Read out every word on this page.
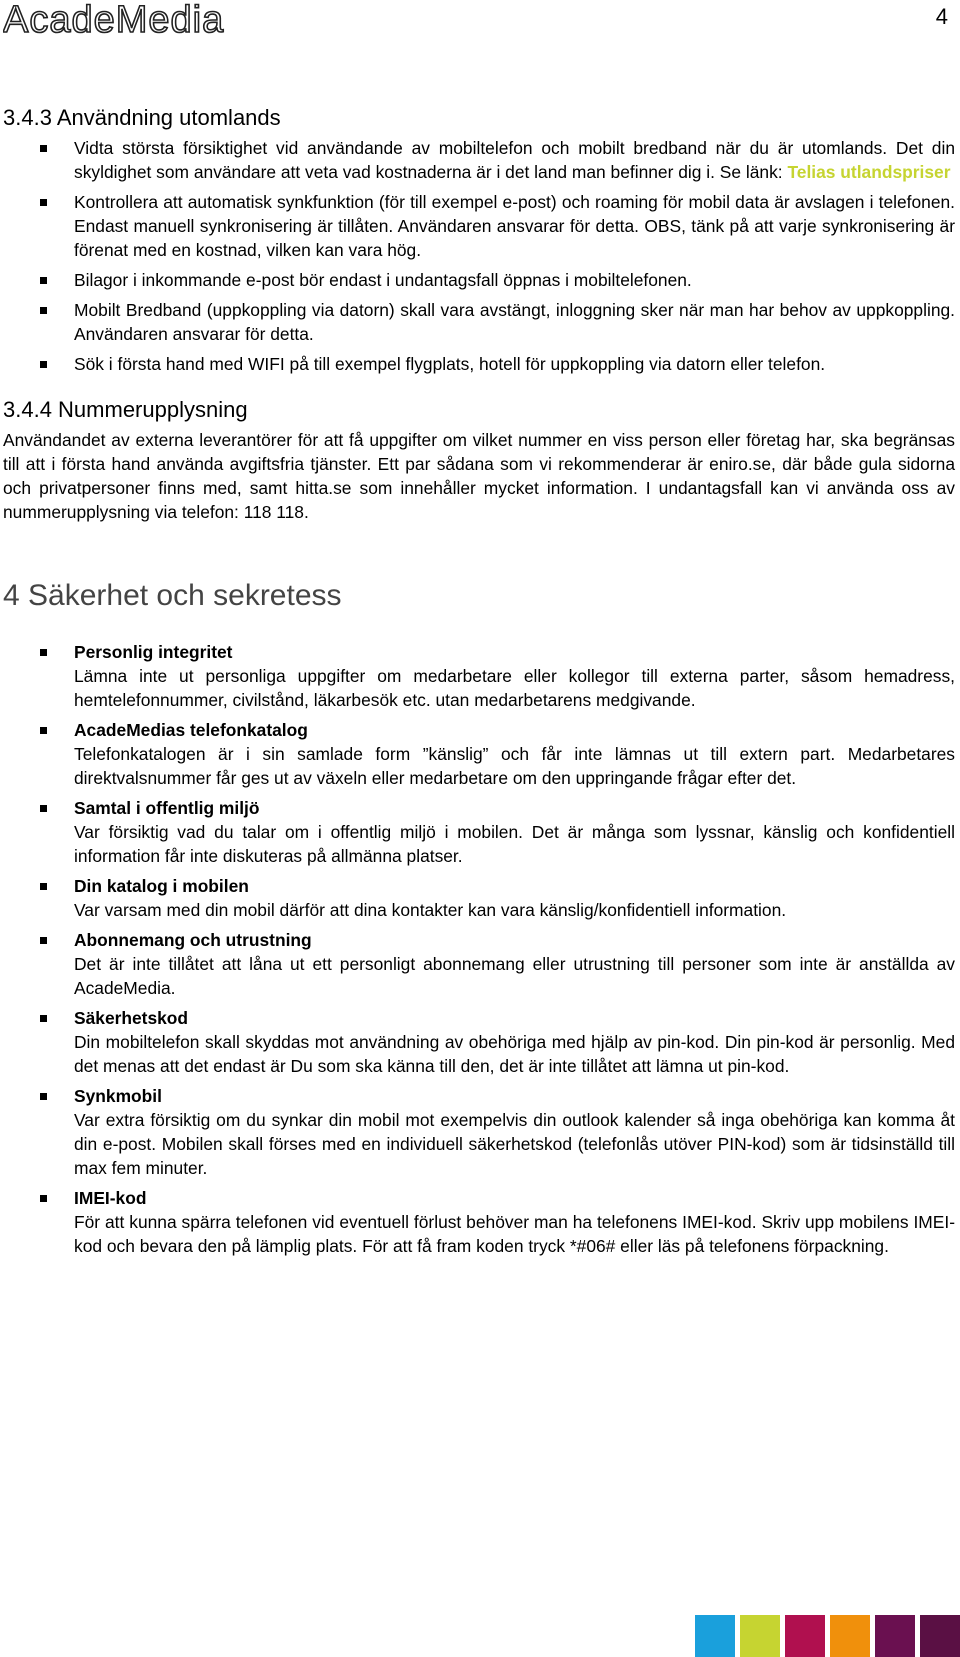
AcadeMedia	4
3.4.3 Användning utomlands
Vidta största försiktighet vid användande av mobiltelefon och mobilt bredband när du är utomlands. Det din skyldighet som användare att veta vad kostnaderna är i det land man befinner dig i. Se länk: Telias utlandspriser
Kontrollera att automatisk synkfunktion (för till exempel e-post) och roaming för mobil data är avslagen i telefonen. Endast manuell synkronisering är tillåten. Användaren ansvarar för detta. OBS, tänk på att varje synkronisering är förenat med en kostnad, vilken kan vara hög.
Bilagor i inkommande e-post bör endast i undantagsfall öppnas i mobiltelefonen.
Mobilt Bredband (uppkoppling via datorn) skall vara avstängt, inloggning sker när man har behov av uppkoppling. Användaren ansvarar för detta.
Sök i första hand med WIFI på till exempel flygplats, hotell för uppkoppling via datorn eller telefon.
3.4.4 Nummerupplysning

Användandet av externa leverantörer för att få uppgifter om vilket nummer en viss person eller företag har, ska begränsas till att i första hand använda avgiftsfria tjänster. Ett par sådana som vi rekommenderar är eniro.se, där både gula sidorna och privatpersoner finns med, samt hitta.se som innehåller mycket information. I undantagsfall kan vi använda oss av nummerupplysning via telefon: 118 118.

4 Säkerhet och sekretess
Personlig integritet
Lämna inte ut personliga uppgifter om medarbetare eller kollegor till externa parter, såsom hemadress, hemtelefonnummer, civilstånd, läkarbesök etc. utan medarbetarens medgivande.
AcadeMedias telefonkatalog
Telefonkatalogen är i sin samlade form ”känslig” och får inte lämnas ut till extern part. Medarbetares direktvalsnummer får ges ut av växeln eller medarbetare om den uppringande frågar efter det.
Samtal i offentlig miljö
Var försiktig vad du talar om i offentlig miljö i mobilen. Det är många som lyssnar, känslig och konfidentiell information får inte diskuteras på allmänna platser.
Din katalog i mobilen
Var varsam med din mobil därför att dina kontakter kan vara känslig/konfidentiell information.
Abonnemang och utrustning
Det är inte tillåtet att låna ut ett personligt abonnemang eller utrustning till personer som inte är anställda av AcadeMedia.
Säkerhetskod
Din mobiltelefon skall skyddas mot användning av obehöriga med hjälp av pin-kod. Din pin-kod är personlig. Med det menas att det endast är Du som ska känna till den, det är inte tillåtet att lämna ut pin-kod.
Synkmobil
Var extra försiktig om du synkar din mobil mot exempelvis din outlook kalender så inga obehöriga kan komma åt din e-post. Mobilen skall förses med en individuell säkerhetskod (telefonlås utöver PIN-kod) som är tidsinställd till max fem minuter.
IMEI-kod
För att kunna spärra telefonen vid eventuell förlust behöver man ha telefonens IMEI-kod. Skriv upp mobilens IMEI-kod och bevara den på lämplig plats. För att få fram koden tryck *#06# eller läs på telefonens förpackning.
